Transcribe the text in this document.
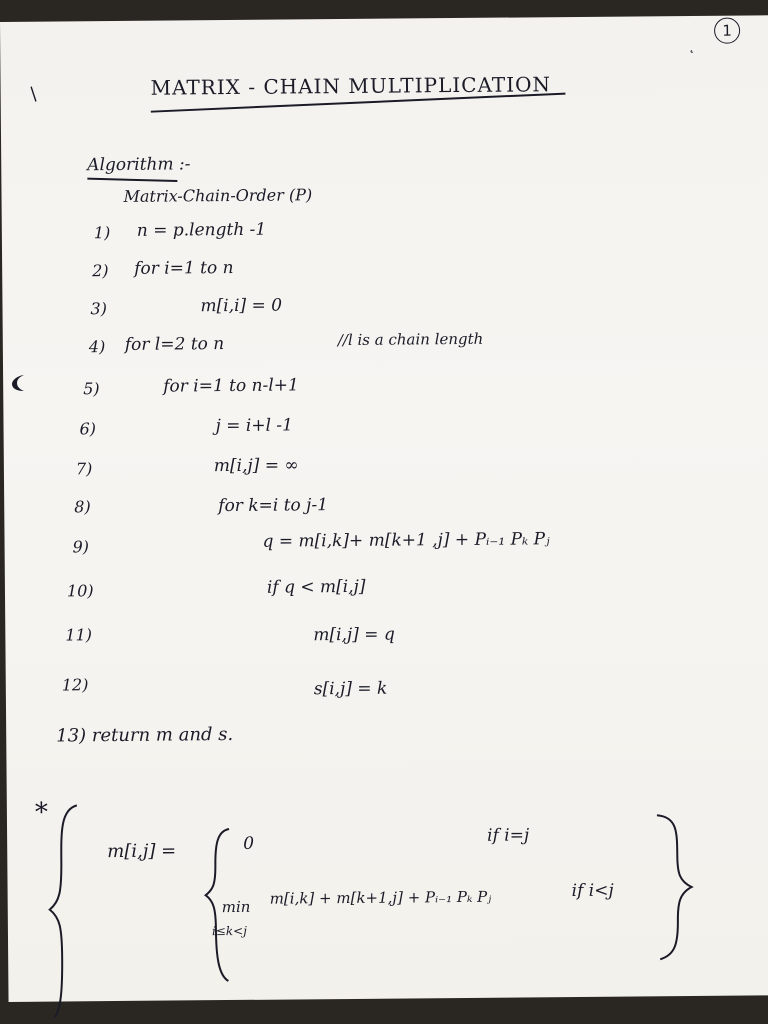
1
/
˛
MATRIX - CHAIN MULTIPLICATION
Algorithm :-
Matrix-Chain-Order (P)
1)
2)
3)
4)
5)
6)
7)
8)
9)
10)
11)
12)
n = p.length -1
for i=1 to n
m[i,i] = 0
for l=2 to n	//l is a chain length
for i=1 to n-l+1
j = i+l -1
m[i,j] = ∞
for k=i to j-1
q = m[i,k]+ m[k+1 ,j] + Pᵢ₋₁ Pₖ Pⱼ
if q < m[i,j]
m[i,j] = q
s[i,j] = k
13) return m and s.
*
m[i,j] =	0	if i=j
min
i≤k<j
m[i,k] + m[k+1,j] + Pᵢ₋₁ Pₖ Pⱼ	if i<j
